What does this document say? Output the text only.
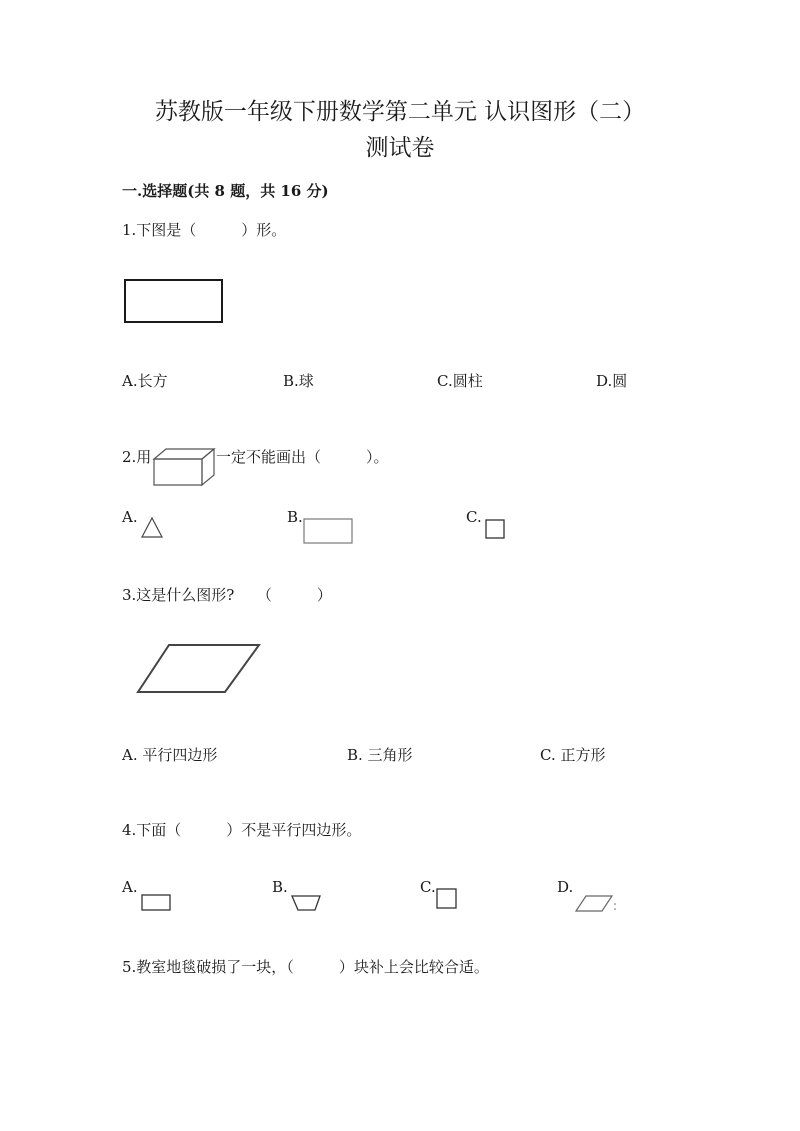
苏教版一年级下册数学第二单元 认识图形（二）
测试卷
一.选择题(共 8 题，共 16 分)
1.下图是（　　　）形。
A.长方	B.球	C.圆柱	D.圆
2.用	一定不能画出（　　　）。
A.	B.	C.
3.这是什么图形?　　（　　　）
A. 平行四边形	B. 三角形	C. 正方形
4.下面（　　　）不是平行四边形。
A.	B.	C.	D.
5.教室地毯破损了一块，（　　　）块补上会比较合适。
